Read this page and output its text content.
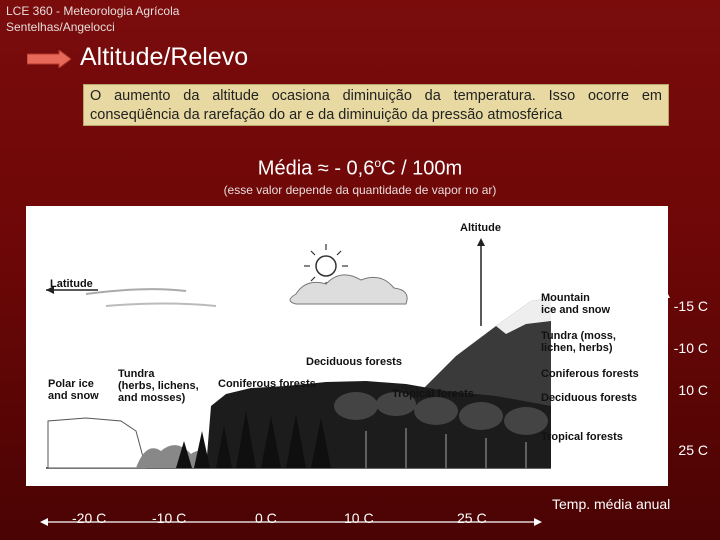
LCE 360 - Meteorologia Agrícola
Sentelhas/Angelocci
Altitude/Relevo
O aumento da altitude ocasiona diminuição da temperatura. Isso ocorre em conseqüência da rarefação do ar e da diminuição da pressão atmosférica
Média ≈ - 0,6$^o$C / 100m
(esse valor depende da quantidade de vapor no ar)
Altitude
Latitude
Polar ice
and snow
Tundra
(herbs, lichens,
and mosses)
Coniferous forests
Deciduous forests
Tropical forests
Mountain
ice and snow
Tundra (moss,
lichen, herbs)
Coniferous forests
Deciduous forests
Tropical forests
-15 C
-10 C
10 C
25 C
-20 C	-10 C	0 C	10 C	25 C
Temp. média anual
